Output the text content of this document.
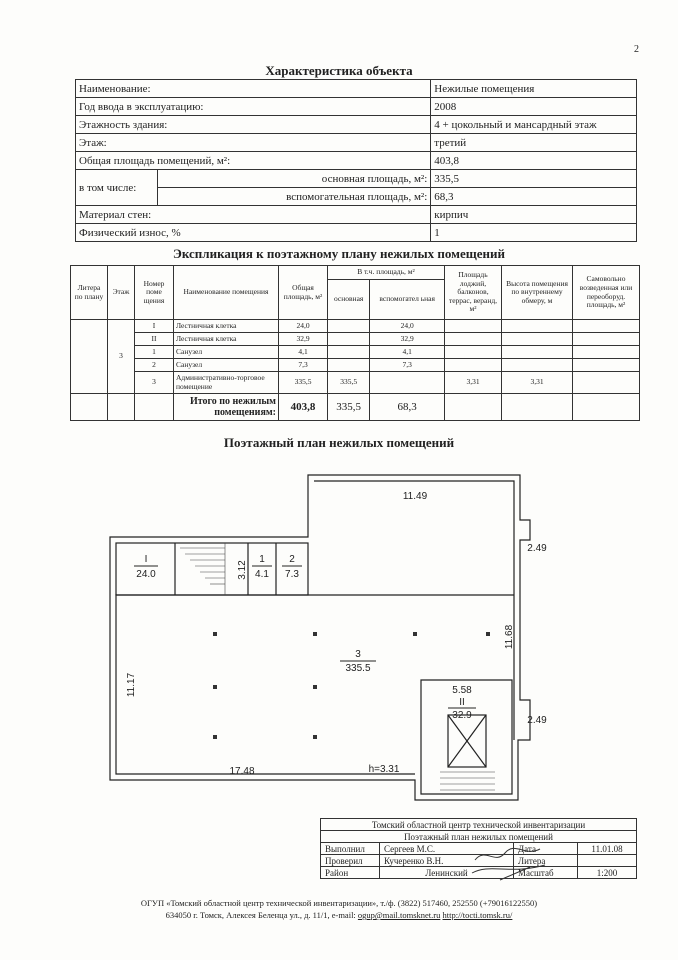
2
Характеристика объекта
Наименование:		Нежилые помещения
Год ввода в эксплуатацию:		2008
Этажность здания:		4 + цокольный и мансардный этаж
Этаж:		третий
Общая площадь помещений, м²:		403,8
в том числе:	основная площадь, м²:	335,5
	вспомогательная площадь, м²:	68,3
Материал стен:		кирпич
Физический износ, %		1
Экспликация к поэтажному плану нежилых помещений
Литера по плану	Этаж	Номер поме щения	Наименование помещения	Общая площадь, м²	В т.ч. площадь, м²		Площадь лоджий, балконов, террас, веранд, м²	Высота помещения по внутреннему обмеру, м	Самовольно возведенная или переоборуд. площадь, м²
					основная	вспомогател ьная			
	3	I	Лестничная клетка	24,0		24,0			
		II	Лестничная клетка	32,9		32,9			
		1	Санузел	4,1		4,1			
		2	Санузел	7,3		7,3			
		3	Административно-торговое помещение	335,5	335,5		3,31	3,31	
			Итого по нежилым помещениям:	403,8	335,5	68,3			
Поэтажный план нежилых помещений
11.49
2.49
2.49
17.48	h=3.31
5.58
11.68
11.17
3.12
I
24.0
1
4.1
2
7.3
3
335.5
II
32.9
Томский областной центр технической инвентаризации			
Поэтажный план нежилых помещений			
Выполнил	Сергеев М.С.	Дата	11.01.08
Проверил	Кучеренко В.Н.	Литера	
Район	Ленинский	Масштаб	1:200
ОГУП «Томский областной центр технической инвентаризации», т./ф. (3822) 517460, 252550 (+79016122550)
634050 г. Томск, Алексея Беленца ул., д. 11/1, e-mail: ogup@mail.tomsknet.ru http://tocti.tomsk.ru/
